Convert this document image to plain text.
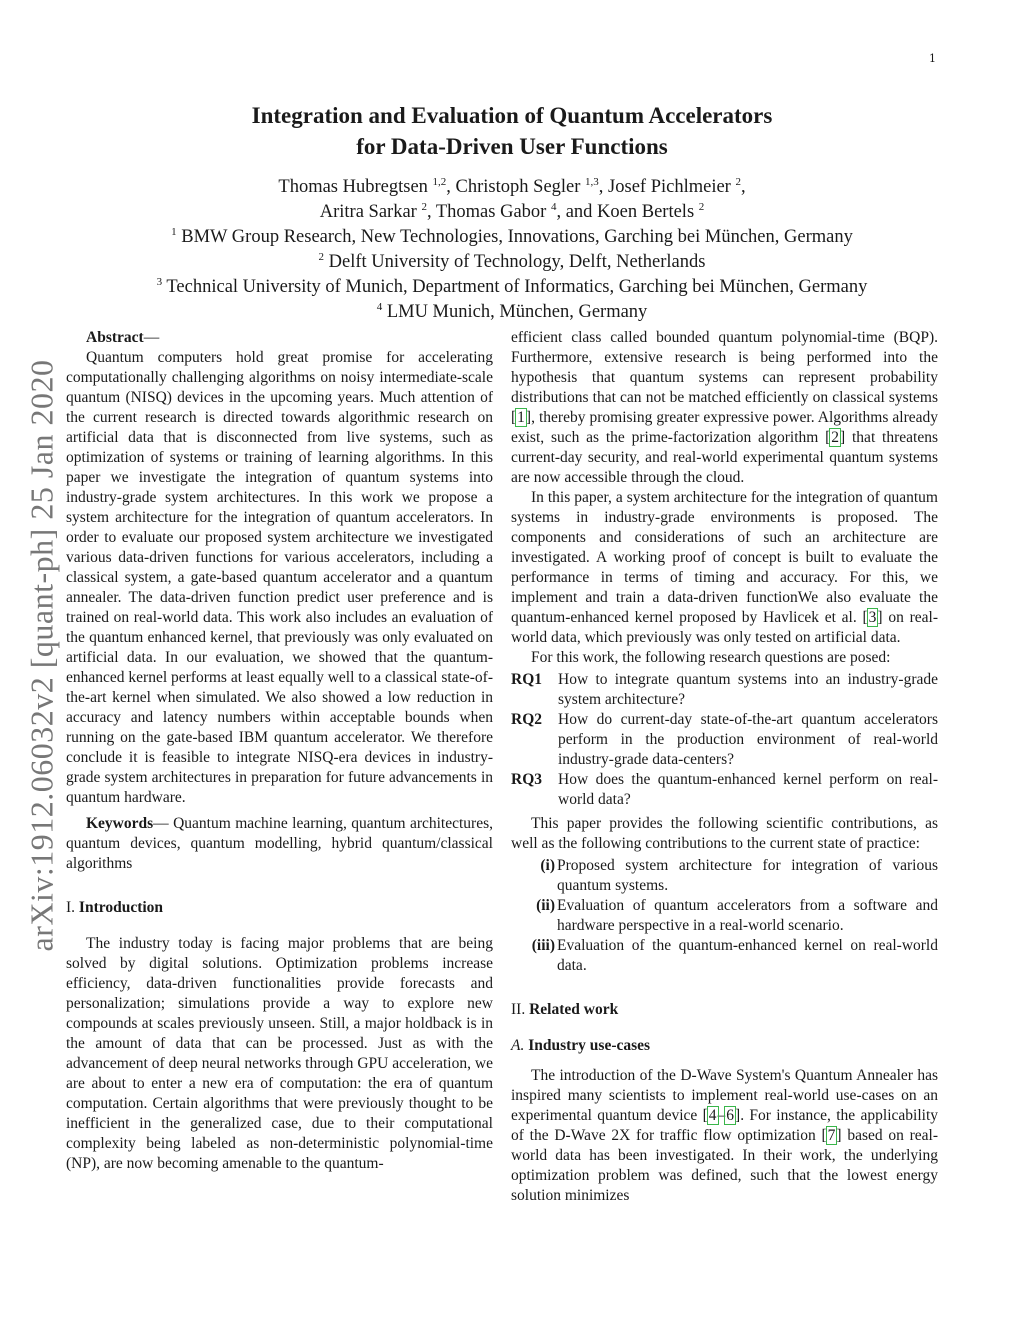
1
arXiv:1912.06032v2 [quant-ph] 25 Jan 2020
Integration and Evaluation of Quantum Accelerators
for Data-Driven User Functions
Thomas Hubregtsen $^{1,2}$, Christoph Segler $^{1,3}$, Josef Pichlmeier $^2$,
Aritra Sarkar $^2$, Thomas Gabor $^4$, and Koen Bertels $^2$
$^1$ BMW Group Research, New Technologies, Innovations, Garching bei München, Germany
$^2$ Delft University of Technology, Delft, Netherlands
$^3$ Technical University of Munich, Department of Informatics, Garching bei München, Germany
$^4$ LMU Munich, München, Germany

Abstract—

Quantum computers hold great promise for accelerating computationally challenging algorithms on noisy intermediate-scale quantum (NISQ) devices in the upcoming years. Much attention of the current research is directed towards algorithmic research on artificial data that is disconnected from live systems, such as optimization of systems or training of learning algorithms. In this paper we investigate the integration of quantum systems into industry-grade system architectures. In this work we propose a system architecture for the integration of quantum accelerators. In order to evaluate our proposed system architecture we investigated various data-driven functions for various accelerators, including a classical system, a gate-based quantum accelerator and a quantum annealer. The data-driven function predict user preference and is trained on real-world data. This work also includes an evaluation of the quantum enhanced kernel, that previously was only evaluated on artificial data. In our evaluation, we showed that the quantum-enhanced kernel performs at least equally well to a classical state-of-the-art kernel when simulated. We also showed a low reduction in accuracy and latency numbers within acceptable bounds when running on the gate-based IBM quantum accelerator. We therefore conclude it is feasible to integrate NISQ-era devices in industry-grade system architectures in preparation for future advancements in quantum hardware.

Keywords— Quantum machine learning, quantum architectures, quantum devices, quantum modelling, hybrid quantum/classical algorithms

I. Introduction

The industry today is facing major problems that are being solved by digital solutions. Optimization problems increase efficiency, data-driven functionalities provide forecasts and personalization; simulations provide a way to explore new compounds at scales previously unseen. Still, a major holdback is in the amount of data that can be processed. Just as with the advancement of deep neural networks through GPU acceleration, we are about to enter a new era of computation: the era of quantum computation. Certain algorithms that were previously thought to be inefficient in the generalized case, due to their computational complexity being labeled as non-deterministic polynomial-time (NP), are now becoming amenable to the quantum-

efficient class called bounded quantum polynomial-time (BQP). Furthermore, extensive research is being performed into the hypothesis that quantum systems can represent probability distributions that can not be matched efficiently on classical systems [1], thereby promising greater expressive power. Algorithms already exist, such as the prime-factorization algorithm [2] that threatens current-day security, and real-world experimental quantum systems are now accessible through the cloud.

In this paper, a system architecture for the integration of quantum systems in industry-grade environments is proposed. The components and considerations of such an architecture are investigated. A working proof of concept is built to evaluate the performance in terms of timing and accuracy. For this, we implement and train a data-driven functionWe also evaluate the quantum-enhanced kernel proposed by Havlicek et al. [3] on real-world data, which previously was only tested on artificial data.

For this work, the following research questions are posed:

RQ1	How to integrate quantum systems into an industry-grade system architecture?
RQ2	How do current-day state-of-the-art quantum accelerators perform in the production environment of real-world industry-grade data-centers?
RQ3	How does the quantum-enhanced kernel perform on real-world data?

This paper provides the following scientific contributions, as well as the following contributions to the current state of practice:

(i) Proposed system architecture for integration of various quantum systems.
(ii) Evaluation of quantum accelerators from a software and hardware perspective in a real-world scenario.
(iii) Evaluation of the quantum-enhanced kernel on real-world data.
II. Related work
A. Industry use-cases

The introduction of the D-Wave System's Quantum Annealer has inspired many scientists to implement real-world use-cases on an experimental quantum device [4–6]. For instance, the applicability of the D-Wave 2X for traffic flow optimization [7] based on real-world data has been investigated. In their work, the underlying optimization problem was defined, such that the lowest energy solution minimizes
